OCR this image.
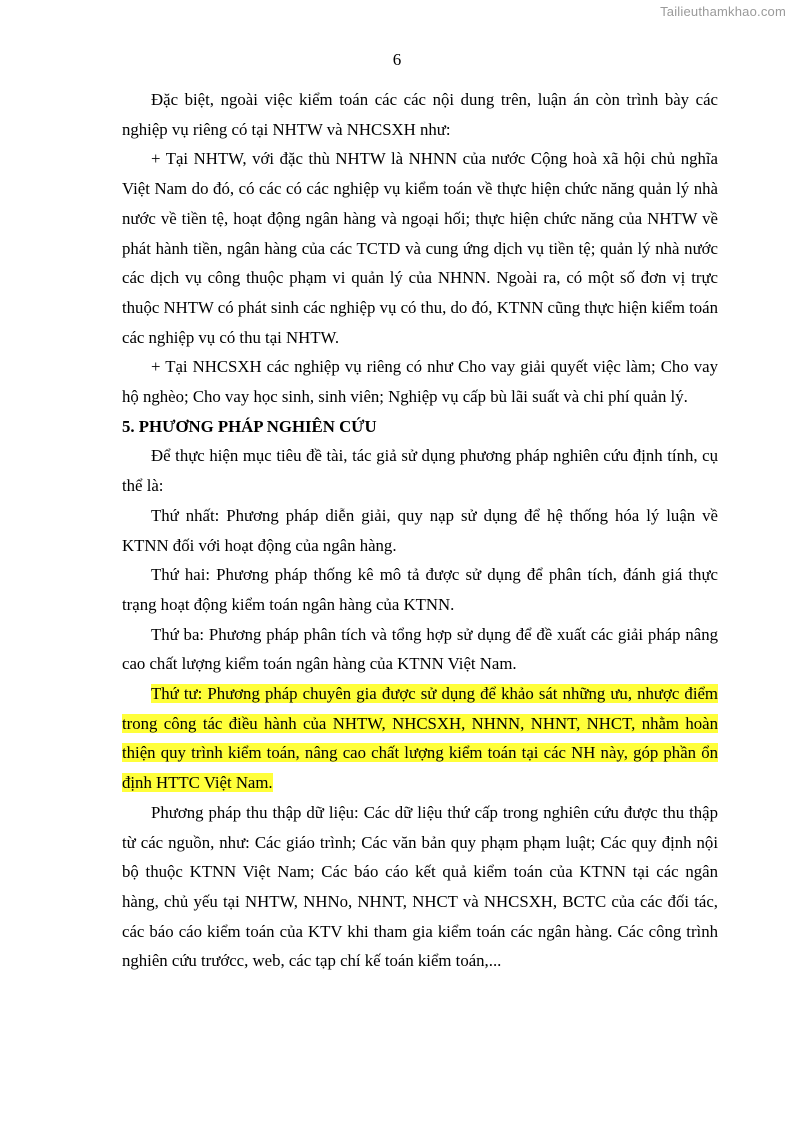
Tailieuthamkhao.com
6

Đặc biệt, ngoài việc kiểm toán các các nội dung trên, luận án còn trình bày các nghiệp vụ riêng có tại NHTW và NHCSXH như:

+ Tại NHTW, với đặc thù NHTW là NHNN của nước Cộng hoà xã hội chủ nghĩa Việt Nam do đó, có các có các nghiệp vụ kiểm toán về thực hiện chức năng quản lý nhà nước về tiền tệ, hoạt động ngân hàng và ngoại hối; thực hiện chức năng của NHTW về phát hành tiền, ngân hàng của các TCTD và cung ứng dịch vụ tiền tệ; quản lý nhà nước các dịch vụ công thuộc phạm vi quản lý của NHNN. Ngoài ra, có một số đơn vị trực thuộc NHTW có phát sinh các nghiệp vụ có thu, do đó, KTNN cũng thực hiện kiểm toán các nghiệp vụ có thu tại NHTW.

+ Tại NHCSXH các nghiệp vụ riêng có như Cho vay giải quyết việc làm; Cho vay hộ nghèo; Cho vay học sinh, sinh viên; Nghiệp vụ cấp bù lãi suất và chi phí quản lý.

5. PHƯƠNG PHÁP NGHIÊN CỨU

Để thực hiện mục tiêu đề tài, tác giả sử dụng phương pháp nghiên cứu định tính, cụ thể là:

Thứ nhất: Phương pháp diễn giải, quy nạp sử dụng để hệ thống hóa lý luận về KTNN đối với hoạt động của ngân hàng.

Thứ hai: Phương pháp thống kê mô tả được sử dụng để phân tích, đánh giá thực trạng hoạt động kiểm toán ngân hàng của KTNN.

Thứ ba: Phương pháp phân tích và tổng hợp sử dụng để đề xuất các giải pháp nâng cao chất lượng kiểm toán ngân hàng của KTNN Việt Nam.

Thứ tư: Phương pháp chuyên gia được sử dụng để khảo sát những ưu, nhược điểm trong công tác điều hành của NHTW, NHCSXH, NHNN, NHNT, NHCT, nhằm hoàn thiện quy trình kiểm toán, nâng cao chất lượng kiểm toán tại các NH này, góp phần ổn định HTTC Việt Nam.

Phương pháp thu thập dữ liệu: Các dữ liệu thứ cấp trong nghiên cứu được thu thập từ các nguồn, như: Các giáo trình; Các văn bản quy phạm phạm luật; Các quy định nội bộ thuộc KTNN Việt Nam; Các báo cáo kết quả kiểm toán của KTNN tại các ngân hàng, chủ yếu tại NHTW, NHNo, NHNT, NHCT và NHCSXH, BCTC của các đối tác, các báo cáo kiểm toán của KTV khi tham gia kiểm toán các ngân hàng. Các công trình nghiên cứu trướcc, web, các tạp chí kế toán kiểm toán,...
